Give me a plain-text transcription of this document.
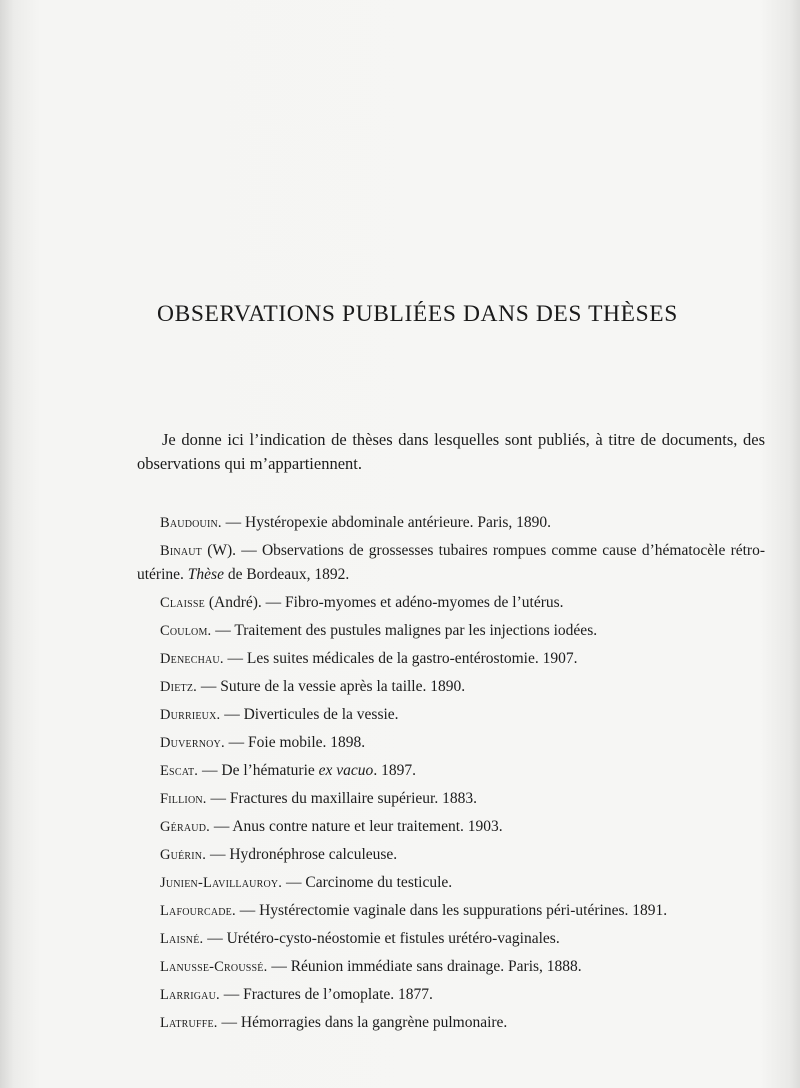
OBSERVATIONS PUBLIÉES DANS DES THÈSES

Je donne ici l’indication de thèses dans lesquelles sont publiés, à titre de documents, des observations qui m’appartiennent.

Baudouin. — Hystéropexie abdominale antérieure. Paris, 1890.
Binaut (W). — Observations de grossesses tubaires rompues comme cause d’hématocèle rétro-utérine. Thèse de Bordeaux, 1892.
Claisse (André). — Fibro-myomes et adéno-myomes de l’utérus.
Coulom. — Traitement des pustules malignes par les injections iodées.
Denechau. — Les suites médicales de la gastro-entérostomie. 1907.
Dietz. — Suture de la vessie après la taille. 1890.
Durrieux. — Diverticules de la vessie.
Duvernoy. — Foie mobile. 1898.
Escat. — De l’hématurie ex vacuo. 1897.
Fillion. — Fractures du maxillaire supérieur. 1883.
Géraud. — Anus contre nature et leur traitement. 1903.
Guérin. — Hydronéphrose calculeuse.
Junien-Lavillauroy. — Carcinome du testicule.
Lafourcade. — Hystérectomie vaginale dans les suppurations péri-utérines. 1891.
Laisné. — Urétéro-cysto-néostomie et fistules urétéro-vaginales.
Lanusse-Croussé. — Réunion immédiate sans drainage. Paris, 1888.
Larrigau. — Fractures de l’omoplate. 1877.
Latruffe. — Hémorragies dans la gangrène pulmonaire.
